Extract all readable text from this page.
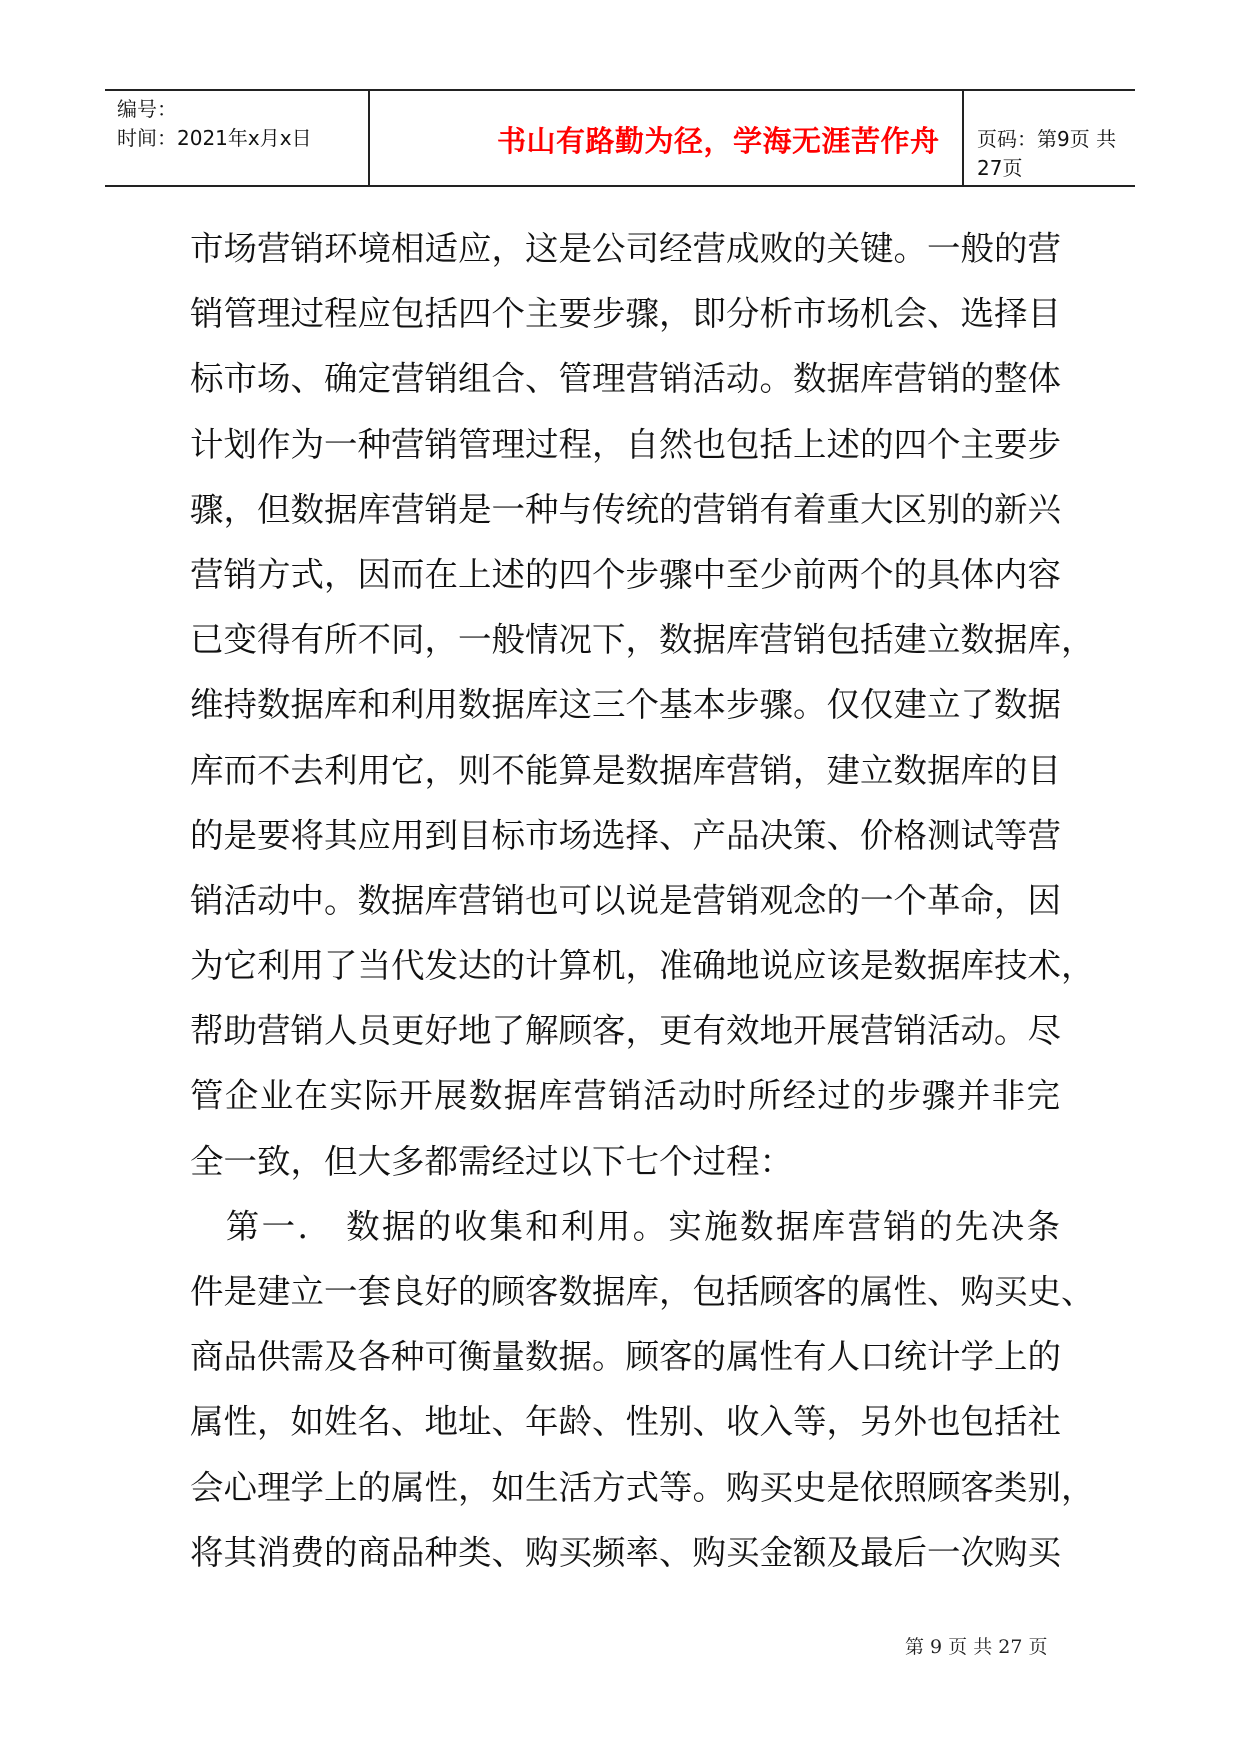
编号：
时间：2021年x月x日	书山有路勤为径，学海无涯苦作舟 页码：第9页 共27页

市场营销环境相适应，这是公司经营成败的关键。一般的营

销管理过程应包括四个主要步骤，即分析市场机会、选择目

标市场、确定营销组合、管理营销活动。数据库营销的整体

计划作为一种营销管理过程，自然也包括上述的四个主要步

骤，但数据库营销是一种与传统的营销有着重大区别的新兴

营销方式，因而在上述的四个步骤中至少前两个的具体内容

已变得有所不同，一般情况下，数据库营销包括建立数据库，

维持数据库和利用数据库这三个基本步骤。仅仅建立了数据

库而不去利用它，则不能算是数据库营销，建立数据库的目

的是要将其应用到目标市场选择、产品决策、价格测试等营

销活动中。数据库营销也可以说是营销观念的一个革命，因

为它利用了当代发达的计算机，准确地说应该是数据库技术，

帮助营销人员更好地了解顾客，更有效地开展营销活动。尽

管企业在实际开展数据库营销活动时所经过的步骤并非完

全一致，但大多都需经过以下七个过程：

　第一.　数据的收集和利用。实施数据库营销的先决条

件是建立一套良好的顾客数据库，包括顾客的属性、购买史、

商品供需及各种可衡量数据。顾客的属性有人口统计学上的

属性，如姓名、地址、年龄、性别、收入等，另外也包括社

会心理学上的属性，如生活方式等。购买史是依照顾客类别，

将其消费的商品种类、购买频率、购买金额及最后一次购买

第 9 页 共 27 页
